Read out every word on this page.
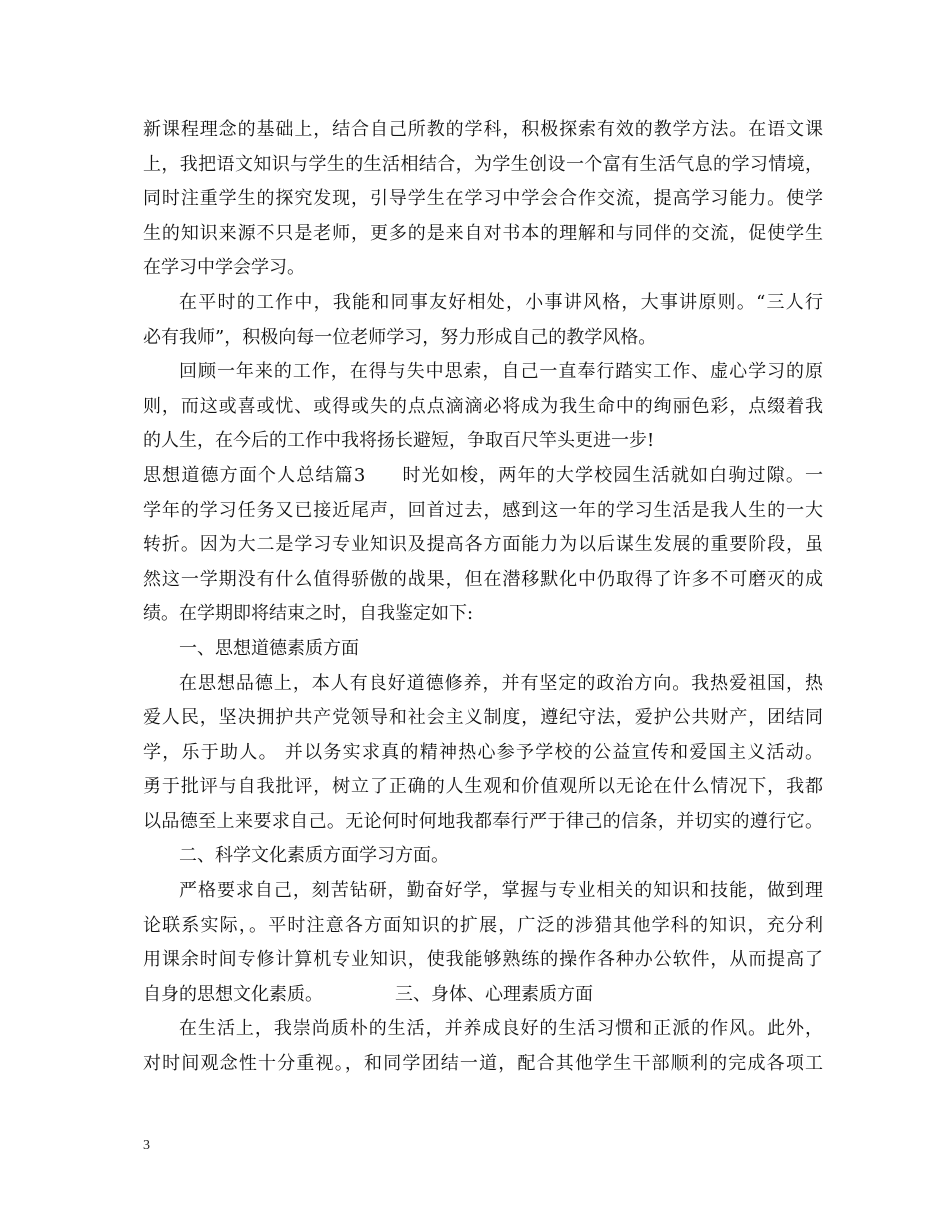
新课程理念的基础上，结合自己所教的学科，积极探索有效的教学方法。在语文课
上，我把语文知识与学生的生活相结合，为学生创设一个富有生活气息的学习情境，
同时注重学生的探究发现，引导学生在学习中学会合作交流，提高学习能力。使学
生的知识来源不只是老师，更多的是来自对书本的理解和与同伴的交流，促使学生
在学习中学会学习。
在平时的工作中，我能和同事友好相处，小事讲风格，大事讲原则。“三人行
必有我师”，积极向每一位老师学习，努力形成自己的教学风格。
回顾一年来的工作，在得与失中思索，自己一直奉行踏实工作、虚心学习的原
则，而这或喜或忧、或得或失的点点滴滴必将成为我生命中的绚丽色彩，点缀着我
的人生，在今后的工作中我将扬长避短，争取百尺竿头更进一步!
思想道德方面个人总结篇3 时光如梭，两年的大学校园生活就如白驹过隙。一
学年的学习任务又已接近尾声，回首过去，感到这一年的学习生活是我人生的一大
转折。因为大二是学习专业知识及提高各方面能力为以后谋生发展的重要阶段，虽
然这一学期没有什么值得骄傲的战果，但在潜移默化中仍取得了许多不可磨灭的成
绩。在学期即将结束之时，自我鉴定如下:
一、思想道德素质方面
在思想品德上，本人有良好道德修养，并有坚定的政治方向。我热爱祖国，热
爱人民，坚决拥护共产党领导和社会主义制度，遵纪守法，爱护公共财产，团结同
学，乐于助人。 并以务实求真的精神热心参予学校的公益宣传和爱国主义活动。
勇于批评与自我批评，树立了正确的人生观和价值观所以无论在什么情况下，我都
以品德至上来要求自己。无论何时何地我都奉行严于律己的信条，并切实的遵行它。
二、科学文化素质方面学习方面。
严格要求自己，刻苦钻研，勤奋好学，掌握与专业相关的知识和技能，做到理
论联系实际，。平时注意各方面知识的扩展，广泛的涉猎其他学科的知识，充分利
用课余时间专修计算机专业知识，使我能够熟练的操作各种办公软件，从而提高了
自身的思想文化素质。	三、身体、心理素质方面
在生活上，我崇尚质朴的生活，并养成良好的生活习惯和正派的作风。此外，
对时间观念性十分重视。，和同学团结一道，配合其他学生干部顺利的完成各项工
3
